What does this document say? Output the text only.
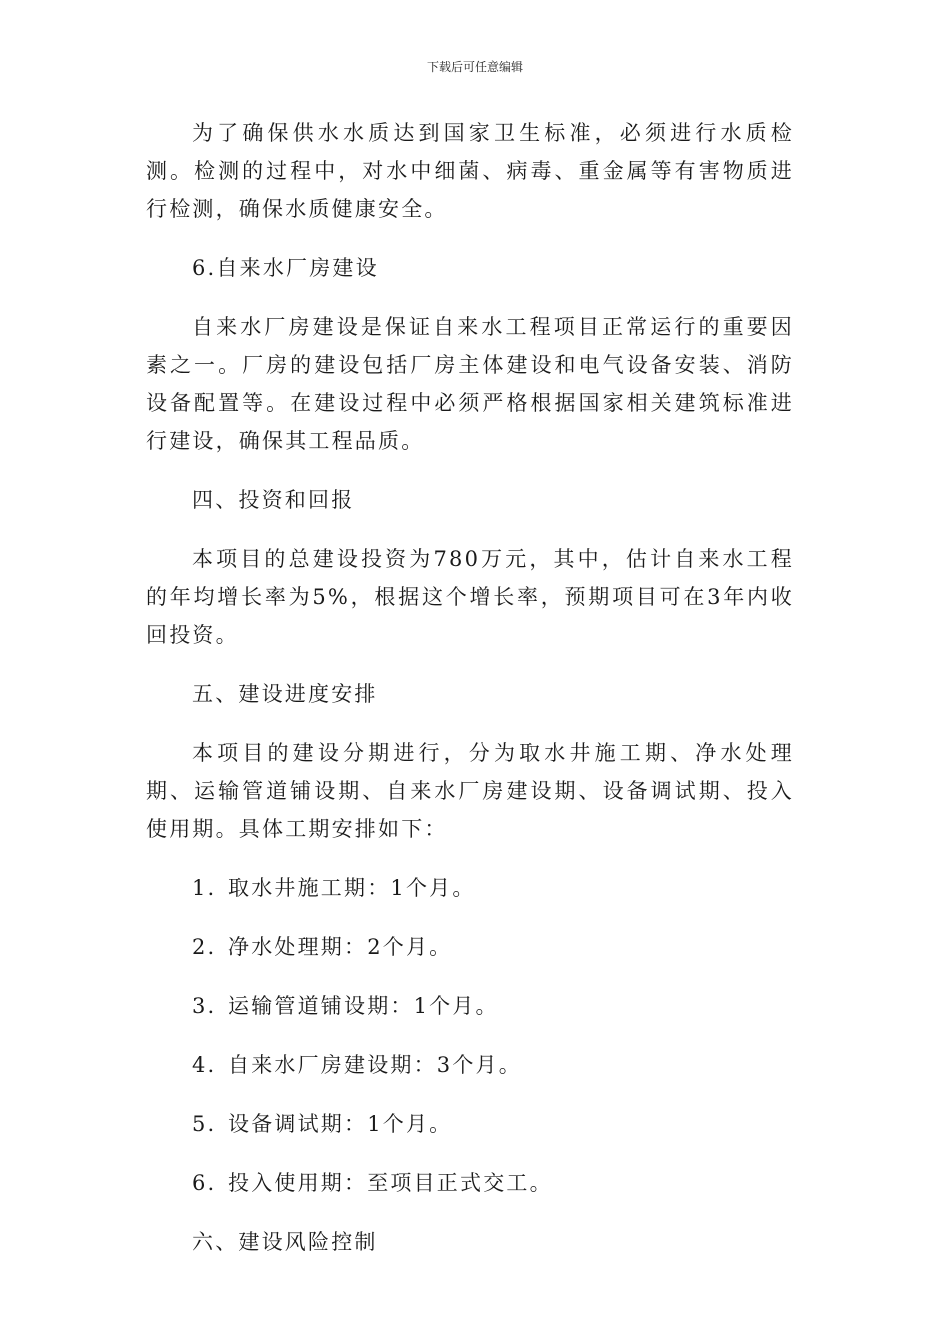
下载后可任意编辑

为了确保供水水质达到国家卫生标准，必须进行水质检测。检测的过程中，对水中细菌、病毒、重金属等有害物质进行检测，确保水质健康安全。

6.自来水厂房建设

自来水厂房建设是保证自来水工程项目正常运行的重要因素之一。厂房的建设包括厂房主体建设和电气设备安装、消防设备配置等。在建设过程中必须严格根据国家相关建筑标准进行建设，确保其工程品质。

四、投资和回报

本项目的总建设投资为780万元，其中，估计自来水工程的年均增长率为5%，根据这个增长率，预期项目可在3年内收回投资。

五、建设进度安排

本项目的建设分期进行，分为取水井施工期、净水处理期、运输管道铺设期、自来水厂房建设期、设备调试期、投入使用期。具体工期安排如下：

1. 取水井施工期：1个月。

2. 净水处理期：2个月。

3. 运输管道铺设期：1个月。

4. 自来水厂房建设期：3个月。

5. 设备调试期：1个月。

6. 投入使用期：至项目正式交工。

六、建设风险控制
